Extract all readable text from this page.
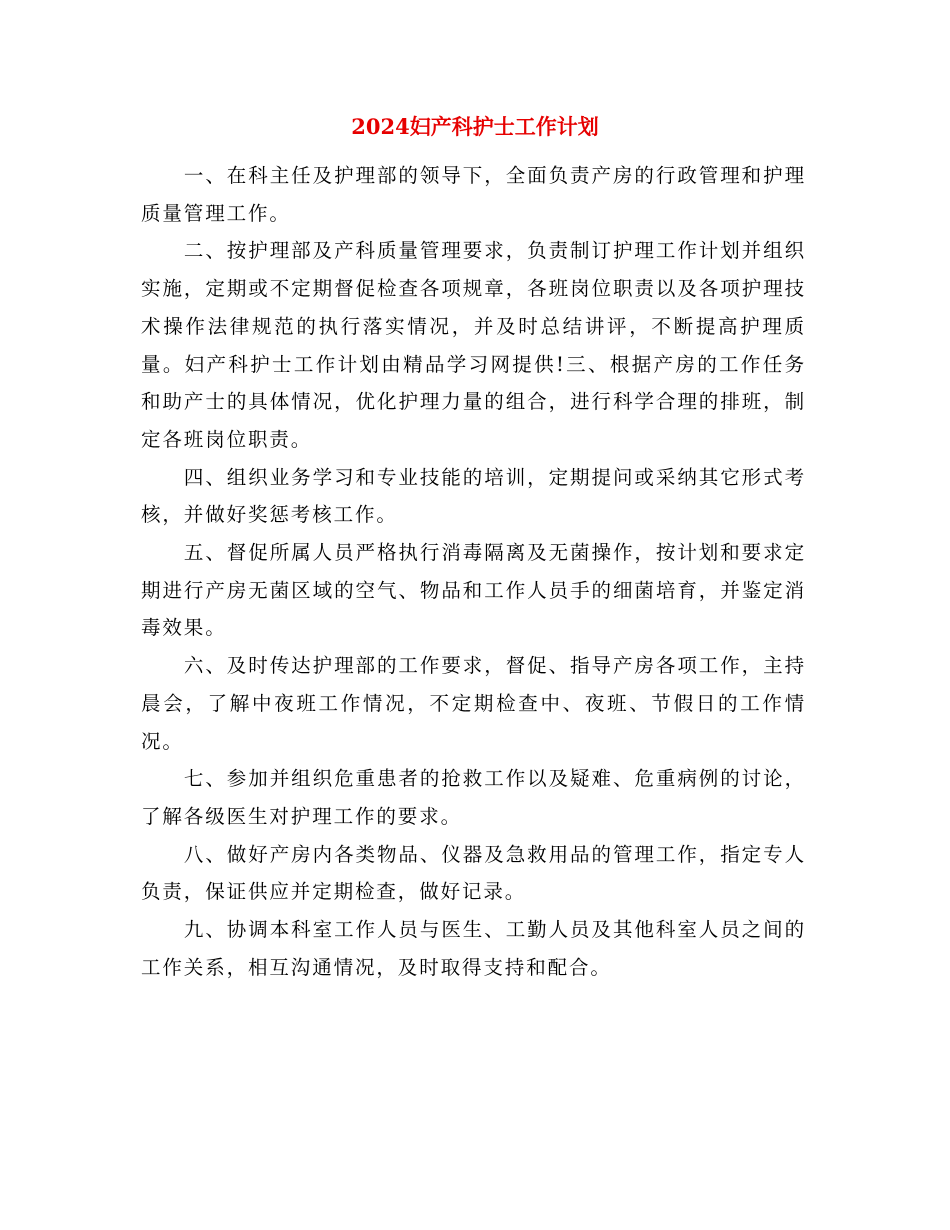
2024妇产科护士工作计划

一、在科主任及护理部的领导下，全面负责产房的行政管理和护理质量管理工作。

二、按护理部及产科质量管理要求，负责制订护理工作计划并组织实施，定期或不定期督促检查各项规章，各班岗位职责以及各项护理技术操作法律规范的执行落实情况，并及时总结讲评，不断提高护理质量。妇产科护士工作计划由精品学习网提供!三、根据产房的工作任务和助产士的具体情况，优化护理力量的组合，进行科学合理的排班，制定各班岗位职责。

四、组织业务学习和专业技能的培训，定期提问或采纳其它形式考核，并做好奖惩考核工作。

五、督促所属人员严格执行消毒隔离及无菌操作，按计划和要求定期进行产房无菌区域的空气、物品和工作人员手的细菌培育，并鉴定消毒效果。

六、及时传达护理部的工作要求，督促、指导产房各项工作，主持晨会，了解中夜班工作情况，不定期检查中、夜班、节假日的工作情况。

七、参加并组织危重患者的抢救工作以及疑难、危重病例的讨论，了解各级医生对护理工作的要求。

八、做好产房内各类物品、仪器及急救用品的管理工作，指定专人负责，保证供应并定期检查，做好记录。

九、协调本科室工作人员与医生、工勤人员及其他科室人员之间的工作关系，相互沟通情况，及时取得支持和配合。
